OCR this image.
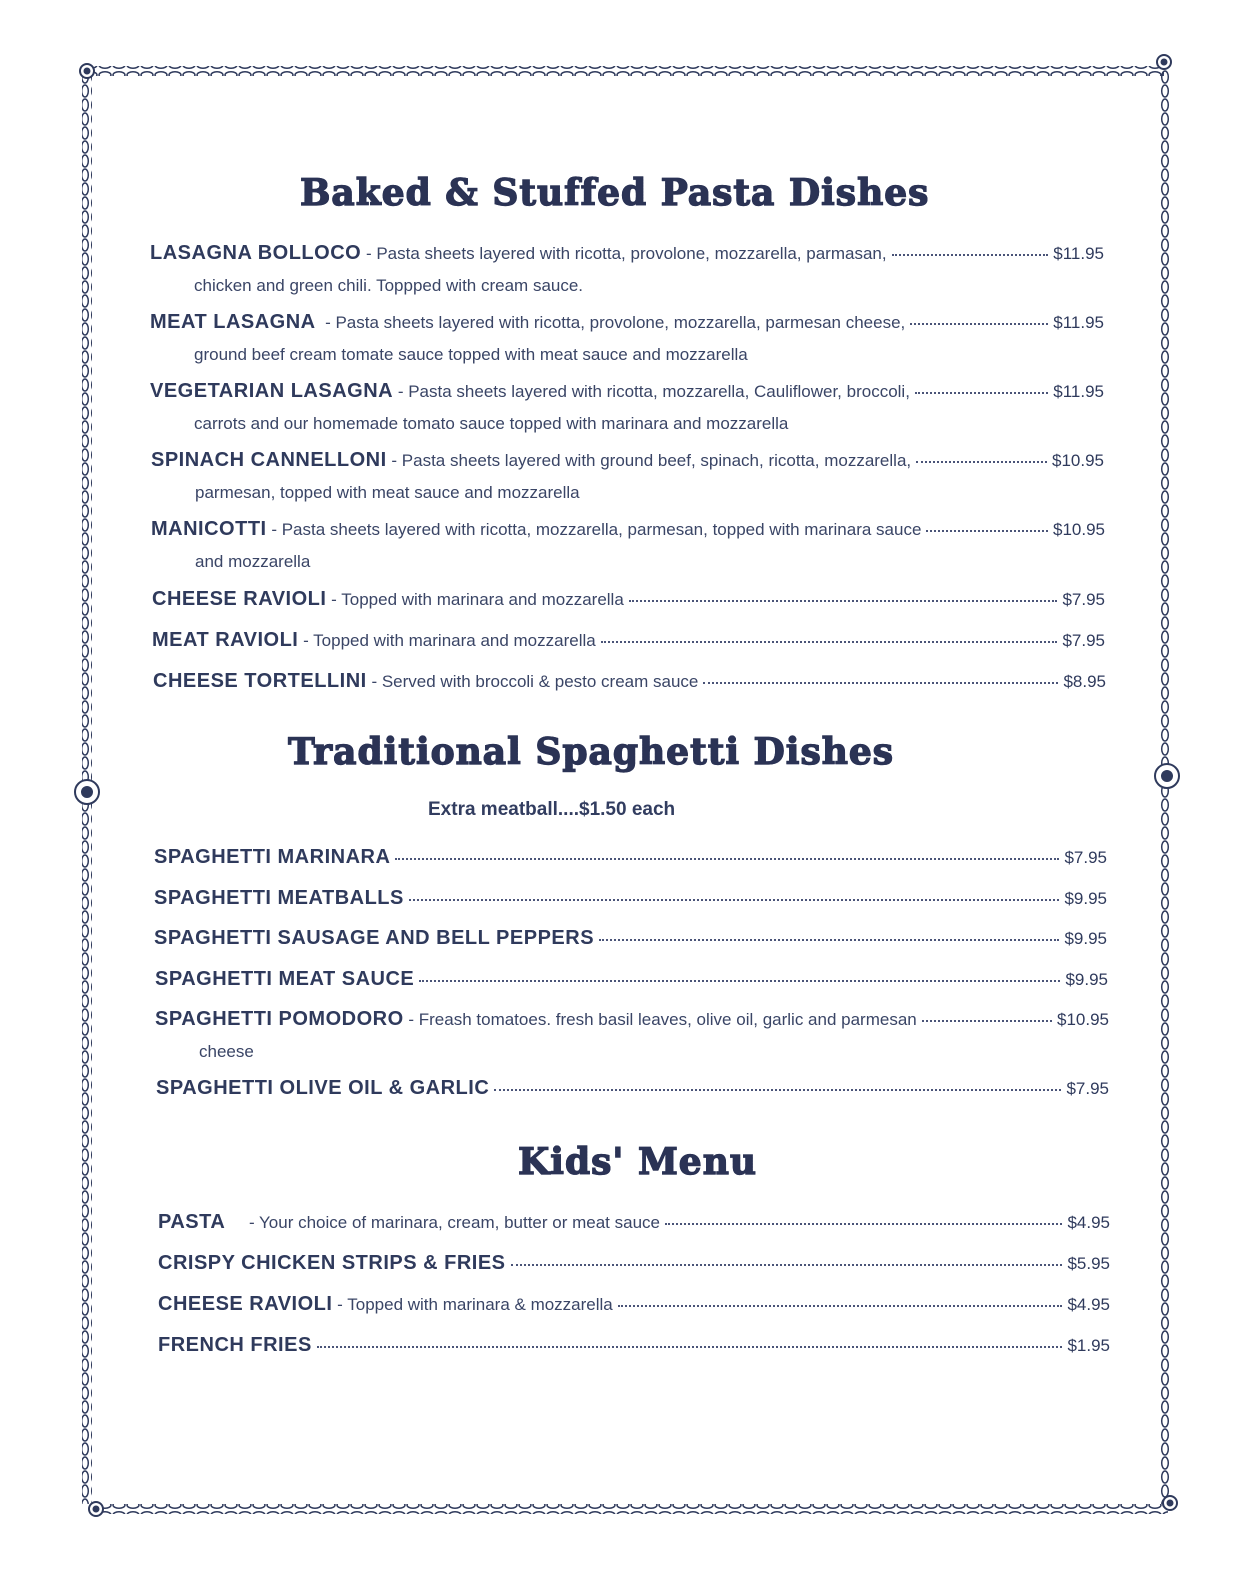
Baked & Stuffed Pasta Dishes
LASAGNA BOLLOCO
- Pasta sheets layered with ricotta, provolone, mozzarella, parmasan,	$11.95
chicken and green chili. Toppped with cream sauce.
MEAT LASAGNA
- Pasta sheets layered with ricotta, provolone, mozzarella, parmesan cheese,	$11.95
ground beef cream tomate sauce topped with meat sauce and mozzarella
VEGETARIAN LASAGNA
- Pasta sheets layered with ricotta, mozzarella, Cauliflower, broccoli,	$11.95
carrots and our homemade tomato sauce topped with marinara and mozzarella
SPINACH CANNELLONI
- Pasta sheets layered with ground beef, spinach, ricotta, mozzarella,	$10.95
parmesan, topped with meat sauce and mozzarella
MANICOTTI
- Pasta sheets layered with ricotta, mozzarella, parmesan, topped with marinara sauce	$10.95
and mozzarella
CHEESE RAVIOLI
- Topped with marinara and mozzarella	$7.95
MEAT RAVIOLI
- Topped with marinara and mozzarella	$7.95
CHEESE TORTELLINI
- Served with broccoli & pesto cream sauce	$8.95
Traditional Spaghetti Dishes

Extra meatball....$1.50 each

SPAGHETTI MARINARA	$7.95
SPAGHETTI MEATBALLS	$9.95
SPAGHETTI SAUSAGE AND BELL PEPPERS	$9.95
SPAGHETTI MEAT SAUCE	$9.95
SPAGHETTI POMODORO
- Freash tomatoes. fresh basil leaves, olive oil, garlic and parmesan	$10.95
cheese
SPAGHETTI OLIVE OIL & GARLIC	$7.95
Kids' Menu
PASTA
- Your choice of marinara, cream, butter or meat sauce	$4.95
CRISPY CHICKEN STRIPS & FRIES	$5.95
CHEESE RAVIOLI
- Topped with marinara & mozzarella	$4.95
FRENCH FRIES	$1.95
